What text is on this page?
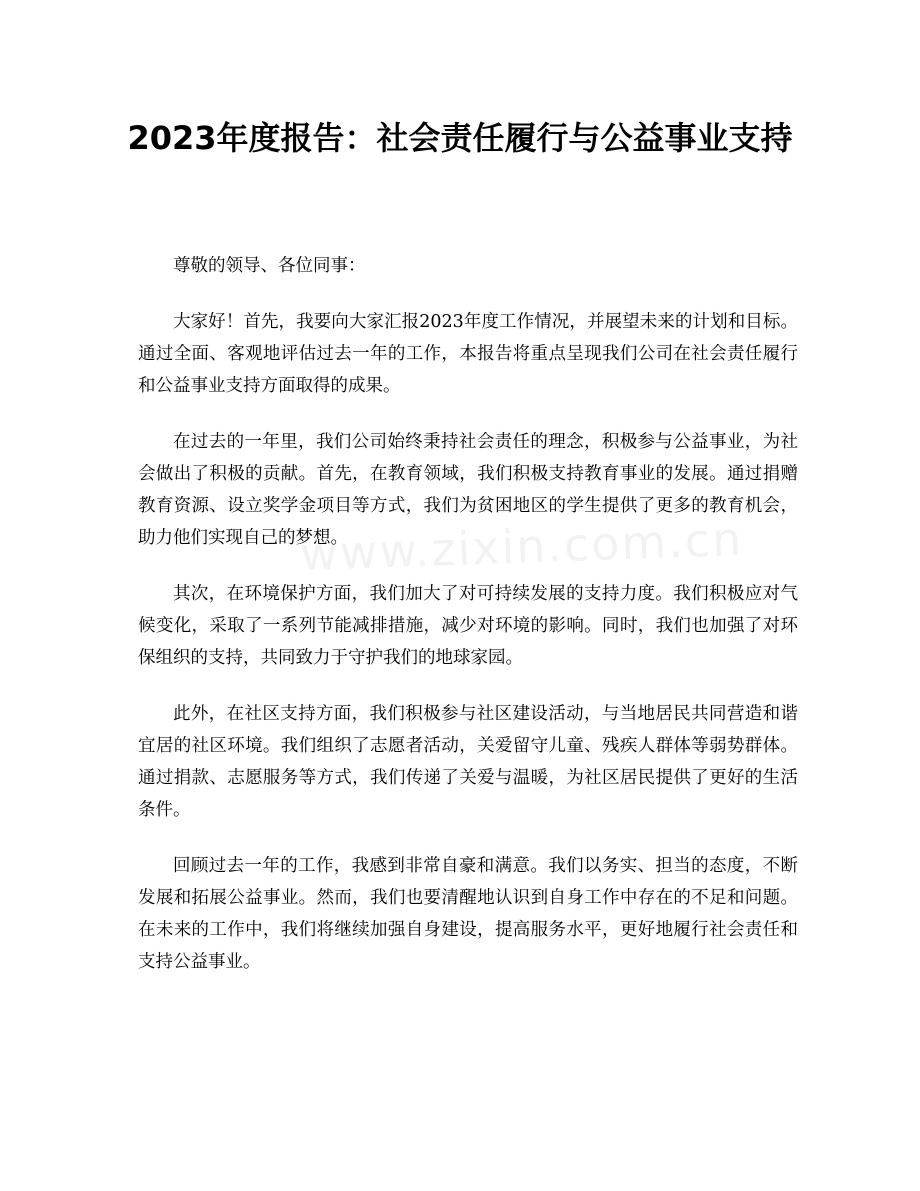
2023年度报告：社会责任履行与公益事业支持
www.zixin.com.cn

尊敬的领导、各位同事：

大家好！首先，我要向大家汇报2023年度工作情况，并展望未来的计划和目标。通过全面、客观地评估过去一年的工作，本报告将重点呈现我们公司在社会责任履行和公益事业支持方面取得的成果。

在过去的一年里，我们公司始终秉持社会责任的理念，积极参与公益事业，为社会做出了积极的贡献。首先，在教育领域，我们积极支持教育事业的发展。通过捐赠教育资源、设立奖学金项目等方式，我们为贫困地区的学生提供了更多的教育机会，助力他们实现自己的梦想。

其次，在环境保护方面，我们加大了对可持续发展的支持力度。我们积极应对气候变化，采取了一系列节能减排措施，减少对环境的影响。同时，我们也加强了对环保组织的支持，共同致力于守护我们的地球家园。

此外，在社区支持方面，我们积极参与社区建设活动，与当地居民共同营造和谐宜居的社区环境。我们组织了志愿者活动，关爱留守儿童、残疾人群体等弱势群体。通过捐款、志愿服务等方式，我们传递了关爱与温暖，为社区居民提供了更好的生活条件。

回顾过去一年的工作，我感到非常自豪和满意。我们以务实、担当的态度，不断发展和拓展公益事业。然而，我们也要清醒地认识到自身工作中存在的不足和问题。在未来的工作中，我们将继续加强自身建设，提高服务水平，更好地履行社会责任和支持公益事业。
